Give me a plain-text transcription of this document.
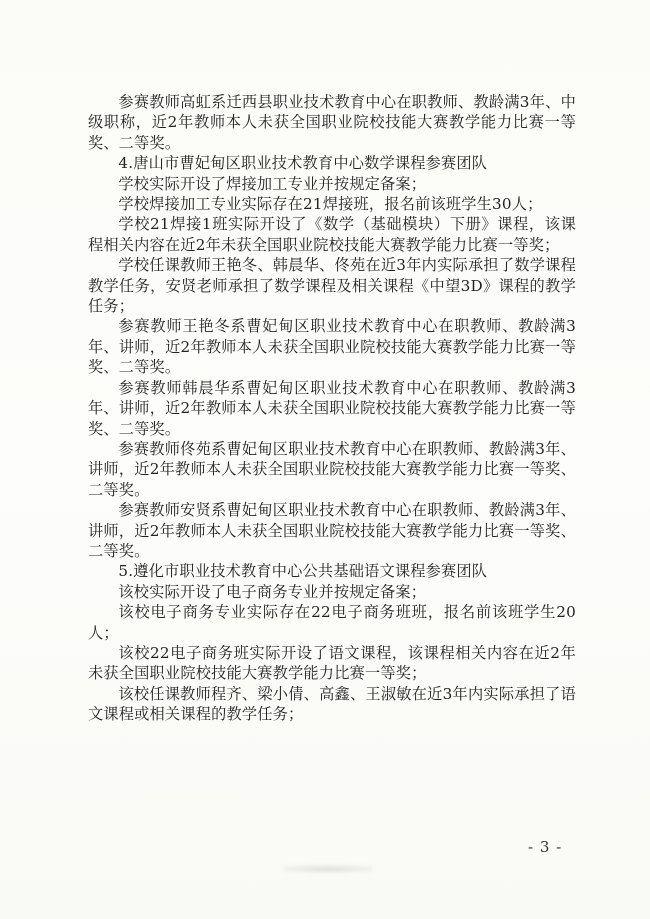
参赛教师高虹系迁西县职业技术教育中心在职教师、教龄满3年、中级职称，近2年教师本人未获全国职业院校技能大赛教学能力比赛一等奖、二等奖。

4.唐山市曹妃甸区职业技术教育中心数学课程参赛团队

学校实际开设了焊接加工专业并按规定备案；

学校焊接加工专业实际存在21焊接班，报名前该班学生30人；

学校21焊接1班实际开设了《数学（基础模块）下册》课程，该课程相关内容在近2年未获全国职业院校技能大赛教学能力比赛一等奖；

学校任课教师王艳冬、韩晨华、佟苑在近3年内实际承担了数学课程教学任务，安贤老师承担了数学课程及相关课程《中望3D》课程的教学任务；

参赛教师王艳冬系曹妃甸区职业技术教育中心在职教师、教龄满3年、讲师，近2年教师本人未获全国职业院校技能大赛教学能力比赛一等奖、二等奖。

参赛教师韩晨华系曹妃甸区职业技术教育中心在职教师、教龄满3年、讲师，近2年教师本人未获全国职业院校技能大赛教学能力比赛一等奖、二等奖。

参赛教师佟苑系曹妃甸区职业技术教育中心在职教师、教龄满3年、讲师，近2年教师本人未获全国职业院校技能大赛教学能力比赛一等奖、二等奖。

参赛教师安贤系曹妃甸区职业技术教育中心在职教师、教龄满3年、讲师，近2年教师本人未获全国职业院校技能大赛教学能力比赛一等奖、二等奖。

5.遵化市职业技术教育中心公共基础语文课程参赛团队

该校实际开设了电子商务专业并按规定备案；

该校电子商务专业实际存在22电子商务班班，报名前该班学生20人；

该校22电子商务班实际开设了语文课程，该课程相关内容在近2年未获全国职业院校技能大赛教学能力比赛一等奖；

该校任课教师程齐、梁小倩、高鑫、王淑敏在近3年内实际承担了语文课程或相关课程的教学任务；

- 3 -
